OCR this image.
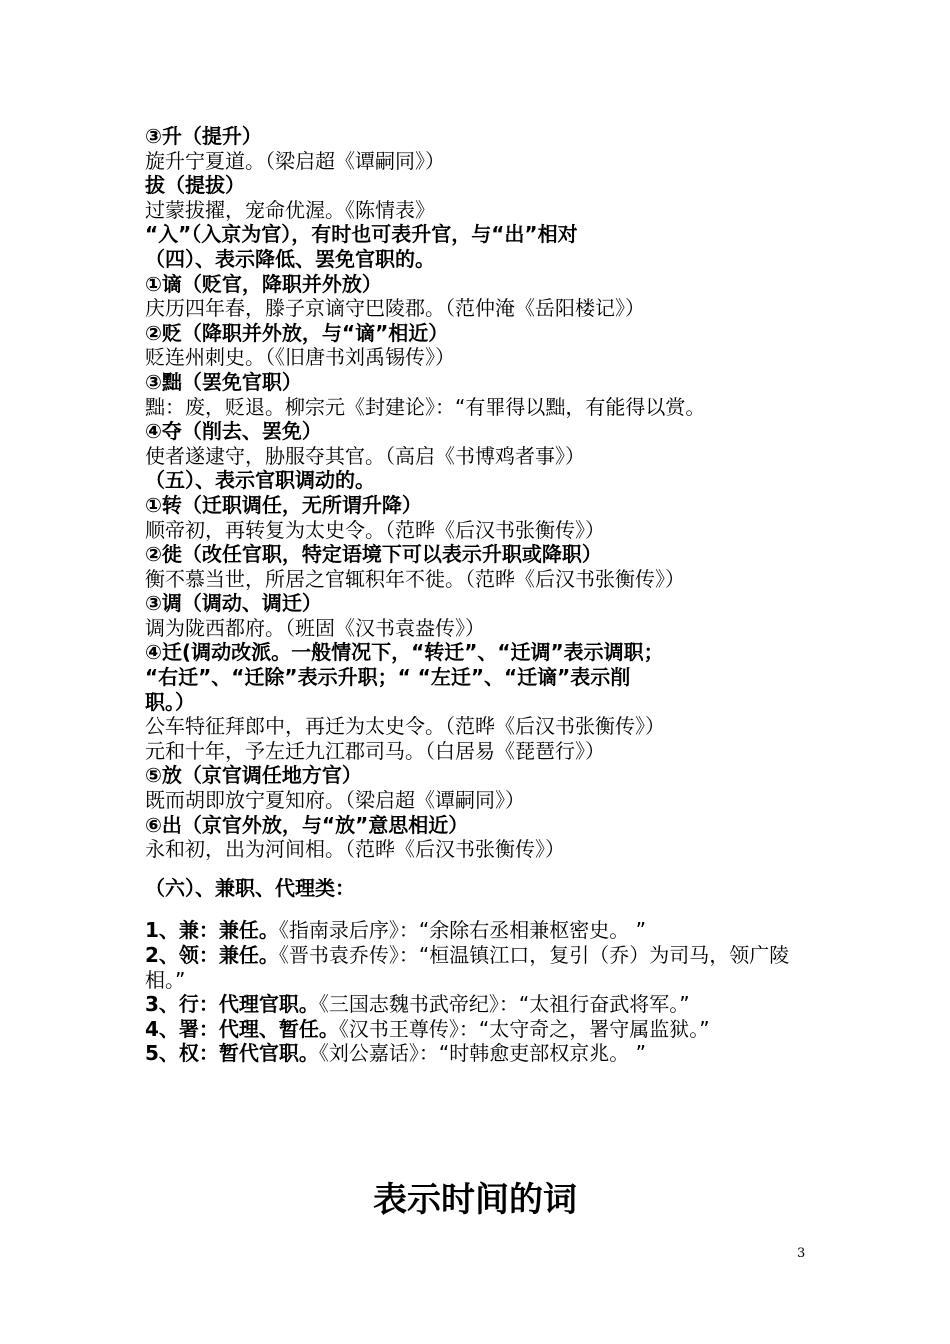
③升（提升）
旋升宁夏道。（梁启超《谭嗣同》）
拔（提拔）
过蒙拔擢，宠命优渥。《陈情表》
“入”（入京为官），有时也可表升官，与“出”相对
（四）、表示降低、罢免官职的。
①谪（贬官，降职并外放）
庆历四年春，滕子京谪守巴陵郡。（范仲淹《岳阳楼记》）
②贬（降职并外放，与“谪”相近）
贬连州刺史。（《旧唐书刘禹锡传》）
③黜（罢免官职）
黜：废，贬退。柳宗元《封建论》：“有罪得以黜，有能得以赏。
④夺（削去、罢免）
使者遂逮守，胁服夺其官。（高启《书博鸡者事》）
（五）、表示官职调动的。
①转（迁职调任，无所谓升降）
顺帝初，再转复为太史令。（范晔《后汉书张衡传》）
②徙（改任官职，特定语境下可以表示升职或降职）
衡不慕当世，所居之官辄积年不徙。（范晔《后汉书张衡传》）
③调（调动、调迁）
调为陇西都府。（班固《汉书袁盎传》）
④迁(调动改派。一般情况下，“转迁”、“迁调”表示调职；
“右迁”、“迁除”表示升职；“ “左迁”、“迁谪”表示削
职。）
公车特征拜郎中，再迁为太史令。（范晔《后汉书张衡传》）
元和十年，予左迁九江郡司马。（白居易《琵琶行》）
⑤放（京官调任地方官）
既而胡即放宁夏知府。（梁启超《谭嗣同》）
⑥出（京官外放，与“放”意思相近）
永和初，出为河间相。（范晔《后汉书张衡传》）
（六）、兼职、代理类：
1、兼：兼任。《指南录后序》：“余除右丞相兼枢密史。 ”
2、领：兼任。《晋书袁乔传》：“桓温镇江口，复引（乔）为司马，领广陵相。”
3、行：代理官职。《三国志魏书武帝纪》：“太祖行奋武将军。”
4、署：代理、暂任。《汉书王尊传》：“太守奇之，署守属监狱。”
5、权：暂代官职。《刘公嘉话》：“时韩愈吏部权京兆。 ”
表示时间的词
3
